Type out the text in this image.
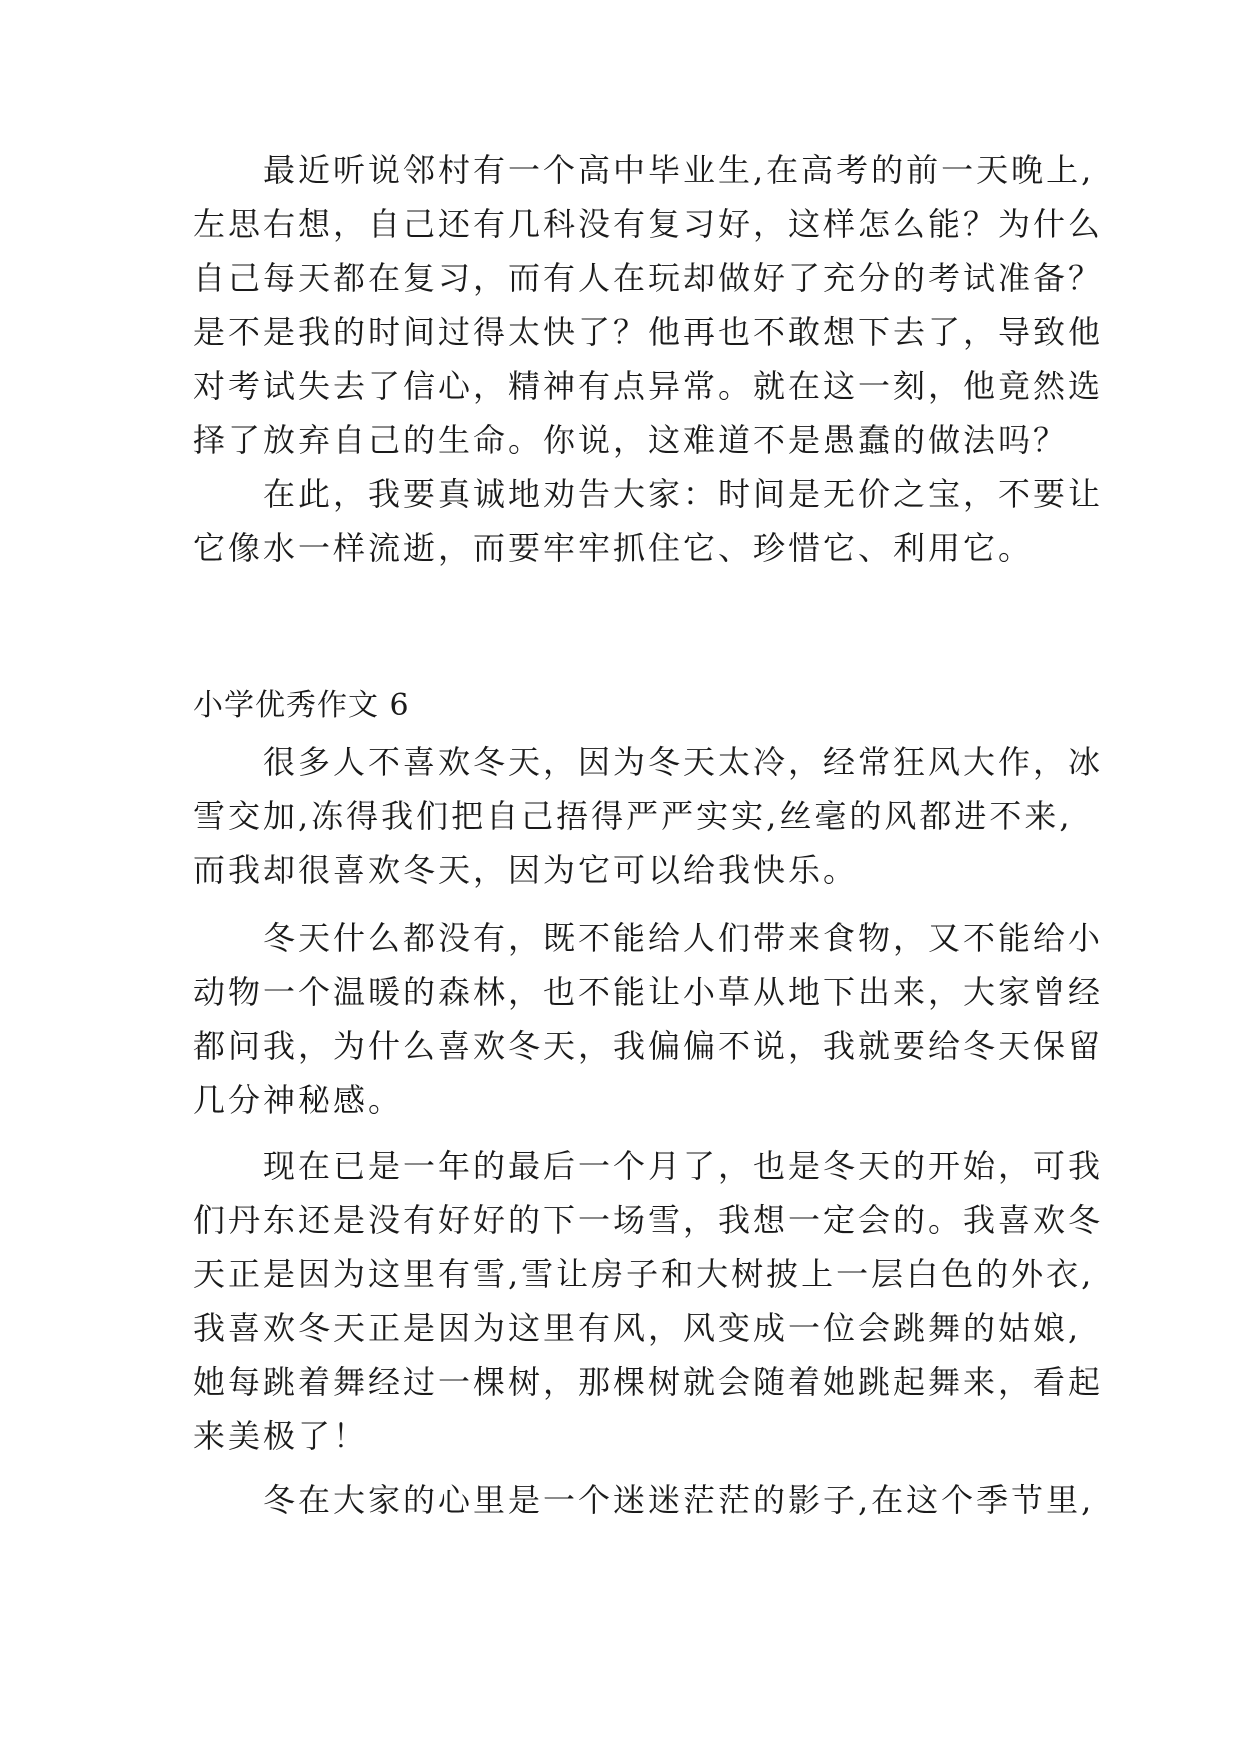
　　最近听说邻村有一个高中毕业生,在高考的前一天晚上,
左思右想，自己还有几科没有复习好，这样怎么能？为什么
自己每天都在复习，而有人在玩却做好了充分的考试准备？
是不是我的时间过得太快了？他再也不敢想下去了，导致他
对考试失去了信心，精神有点异常。就在这一刻，他竟然选
择了放弃自己的生命。你说，这难道不是愚蠢的做法吗？
　　在此，我要真诚地劝告大家：时间是无价之宝，不要让
它像水一样流逝，而要牢牢抓住它、珍惜它、利用它。
小学优秀作文 6
　　很多人不喜欢冬天，因为冬天太冷，经常狂风大作，冰
雪交加,冻得我们把自己捂得严严实实,丝毫的风都进不来,
而我却很喜欢冬天，因为它可以给我快乐。
　　冬天什么都没有，既不能给人们带来食物，又不能给小
动物一个温暖的森林，也不能让小草从地下出来，大家曾经
都问我，为什么喜欢冬天，我偏偏不说，我就要给冬天保留
几分神秘感。
　　现在已是一年的最后一个月了，也是冬天的开始，可我
们丹东还是没有好好的下一场雪，我想一定会的。我喜欢冬
天正是因为这里有雪,雪让房子和大树披上一层白色的外衣,
我喜欢冬天正是因为这里有风，风变成一位会跳舞的姑娘,
她每跳着舞经过一棵树，那棵树就会随着她跳起舞来，看起
来美极了！
　　冬在大家的心里是一个迷迷茫茫的影子,在这个季节里,
